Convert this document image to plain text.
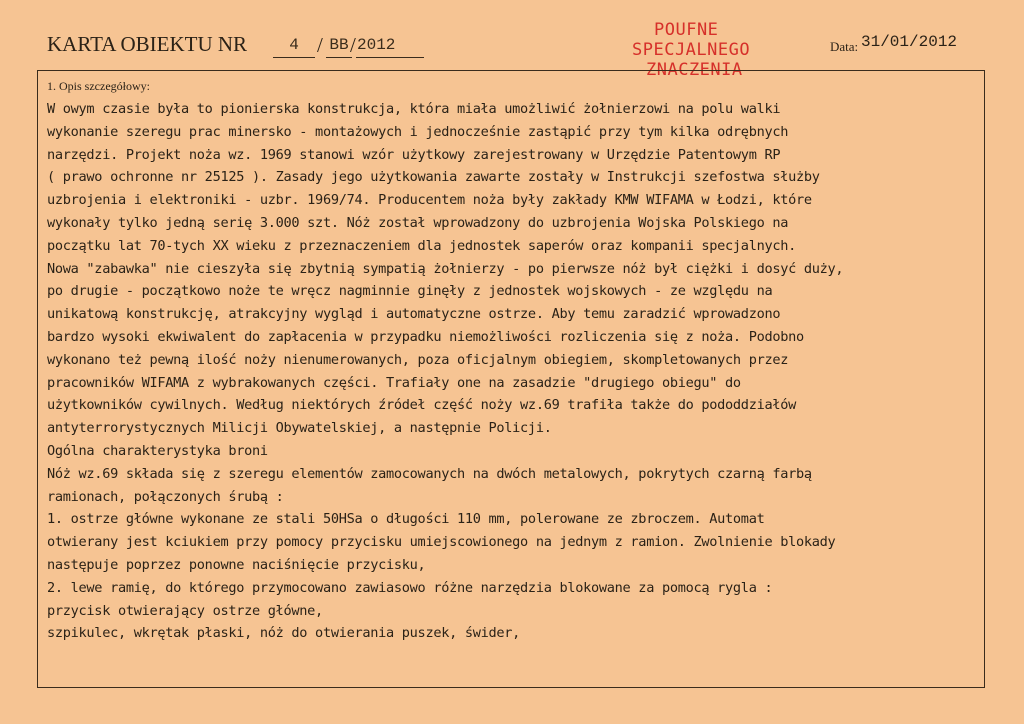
KARTA OBIEKTU NR	4 / BB / 2012
POUFNE
SPECJALNEGO
ZNACZENIA
Data: 31/01/2012
1. Opis szczegółowy:
W owym czasie była to pionierska konstrukcja, która miała umożliwić żołnierzowi na polu walki
wykonanie szeregu prac minersko - montażowych i jednocześnie zastąpić przy tym kilka odrębnych
narzędzi. Projekt noża wz. 1969 stanowi wzór użytkowy zarejestrowany w Urzędzie Patentowym RP
( prawo ochronne nr 25125 ). Zasady jego użytkowania zawarte zostały w Instrukcji szefostwa służby
uzbrojenia i elektroniki - uzbr. 1969/74. Producentem noża były zakłady KMW WIFAMA w Łodzi, które
wykonały tylko jedną serię 3.000 szt. Nóż został wprowadzony do uzbrojenia Wojska Polskiego na
początku lat 70-tych XX wieku z przeznaczeniem dla jednostek saperów oraz kompanii specjalnych.
Nowa "zabawka" nie cieszyła się zbytnią sympatią żołnierzy - po pierwsze nóż był ciężki i dosyć duży,
po drugie - początkowo noże te wręcz nagminnie ginęły z jednostek wojskowych - ze względu na
unikatową konstrukcję, atrakcyjny wygląd i automatyczne ostrze. Aby temu zaradzić wprowadzono
bardzo wysoki ekwiwalent do zapłacenia w przypadku niemożliwości rozliczenia się z noża. Podobno
wykonano też pewną ilość noży nienumerowanych, poza oficjalnym obiegiem, skompletowanych przez
pracowników WIFAMA z wybrakowanych części. Trafiały one na zasadzie "drugiego obiegu" do
użytkowników cywilnych. Według niektórych źródeł część noży wz.69 trafiła także do pododdziałów
antyterrorystycznych Milicji Obywatelskiej, a następnie Policji.
Ogólna charakterystyka broni
Nóż wz.69 składa się z szeregu elementów zamocowanych na dwóch metalowych, pokrytych czarną farbą
ramionach, połączonych śrubą :
1. ostrze główne wykonane ze stali 50HSa o długości 110 mm, polerowane ze zbroczem. Automat
otwierany jest kciukiem przy pomocy przycisku umiejscowionego na jednym z ramion. Zwolnienie blokady
następuje poprzez ponowne naciśnięcie przycisku,
2. lewe ramię, do którego przymocowano zawiasowo różne narzędzia blokowane za pomocą rygla :
przycisk otwierający ostrze główne,
szpikulec, wkrętak płaski, nóż do otwierania puszek, świder,
